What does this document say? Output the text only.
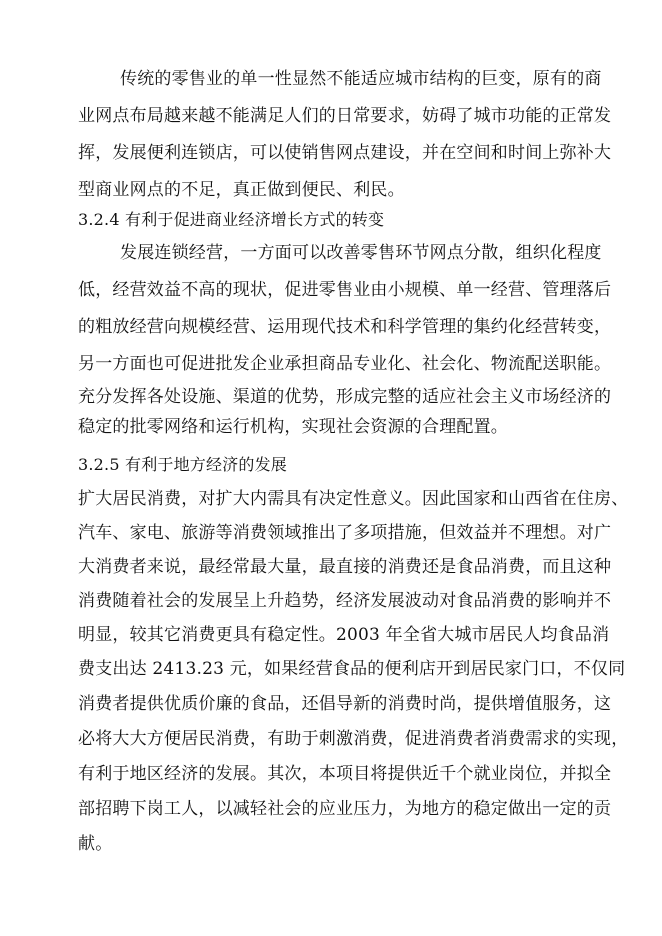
传统的零售业的单一性显然不能适应城市结构的巨变，原有的商
业网点布局越来越不能满足人们的日常要求，妨碍了城市功能的正常发
挥，发展便利连锁店，可以使销售网点建设，并在空间和时间上弥补大
型商业网点的不足，真正做到便民、利民。
3.2.4 有利于促进商业经济增长方式的转变
发展连锁经营，一方面可以改善零售环节网点分散，组织化程度
低，经营效益不高的现状，促进零售业由小规模、单一经营、管理落后
的粗放经营向规模经营、运用现代技术和科学管理的集约化经营转变，
另一方面也可促进批发企业承担商品专业化、社会化、物流配送职能。
充分发挥各处设施、渠道的优势，形成完整的适应社会主义市场经济的
稳定的批零网络和运行机构，实现社会资源的合理配置。
3.2.5 有利于地方经济的发展
扩大居民消费，对扩大内需具有决定性意义。因此国家和山西省在住房、
汽车、家电、旅游等消费领域推出了多项措施，但效益并不理想。对广
大消费者来说，最经常最大量，最直接的消费还是食品消费，而且这种
消费随着社会的发展呈上升趋势，经济发展波动对食品消费的影响并不
明显，较其它消费更具有稳定性。2003 年全省大城市居民人均食品消
费支出达 2413.23 元，如果经营食品的便利店开到居民家门口，不仅同
消费者提供优质价廉的食品，还倡导新的消费时尚，提供增值服务，这
必将大大方便居民消费，有助于刺激消费，促进消费者消费需求的实现，
有利于地区经济的发展。其次，本项目将提供近千个就业岗位，并拟全
部招聘下岗工人，以减轻社会的应业压力，为地方的稳定做出一定的贡
献。
